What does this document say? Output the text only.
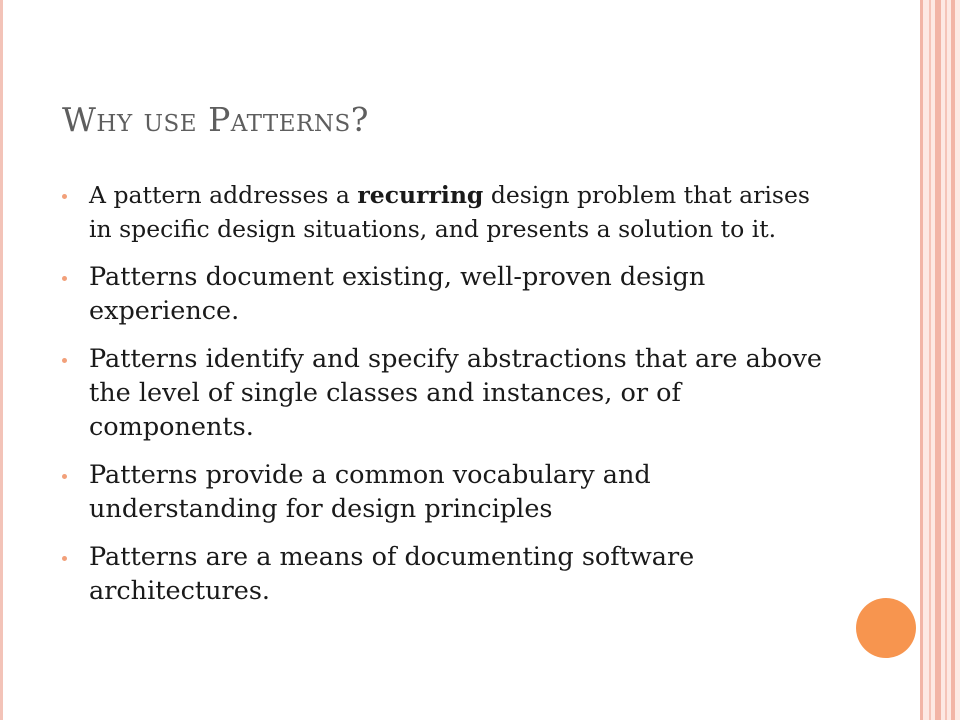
Why use Patterns?
A pattern addresses a recurring design problem that arises in specific design situations, and presents a solution to it.
Patterns document existing, well-proven design experience.
Patterns identify and specify abstractions that are above the level of single classes and instances, or of components.
Patterns provide a common vocabulary and understanding for design principles
Patterns are a means of documenting software architectures.
